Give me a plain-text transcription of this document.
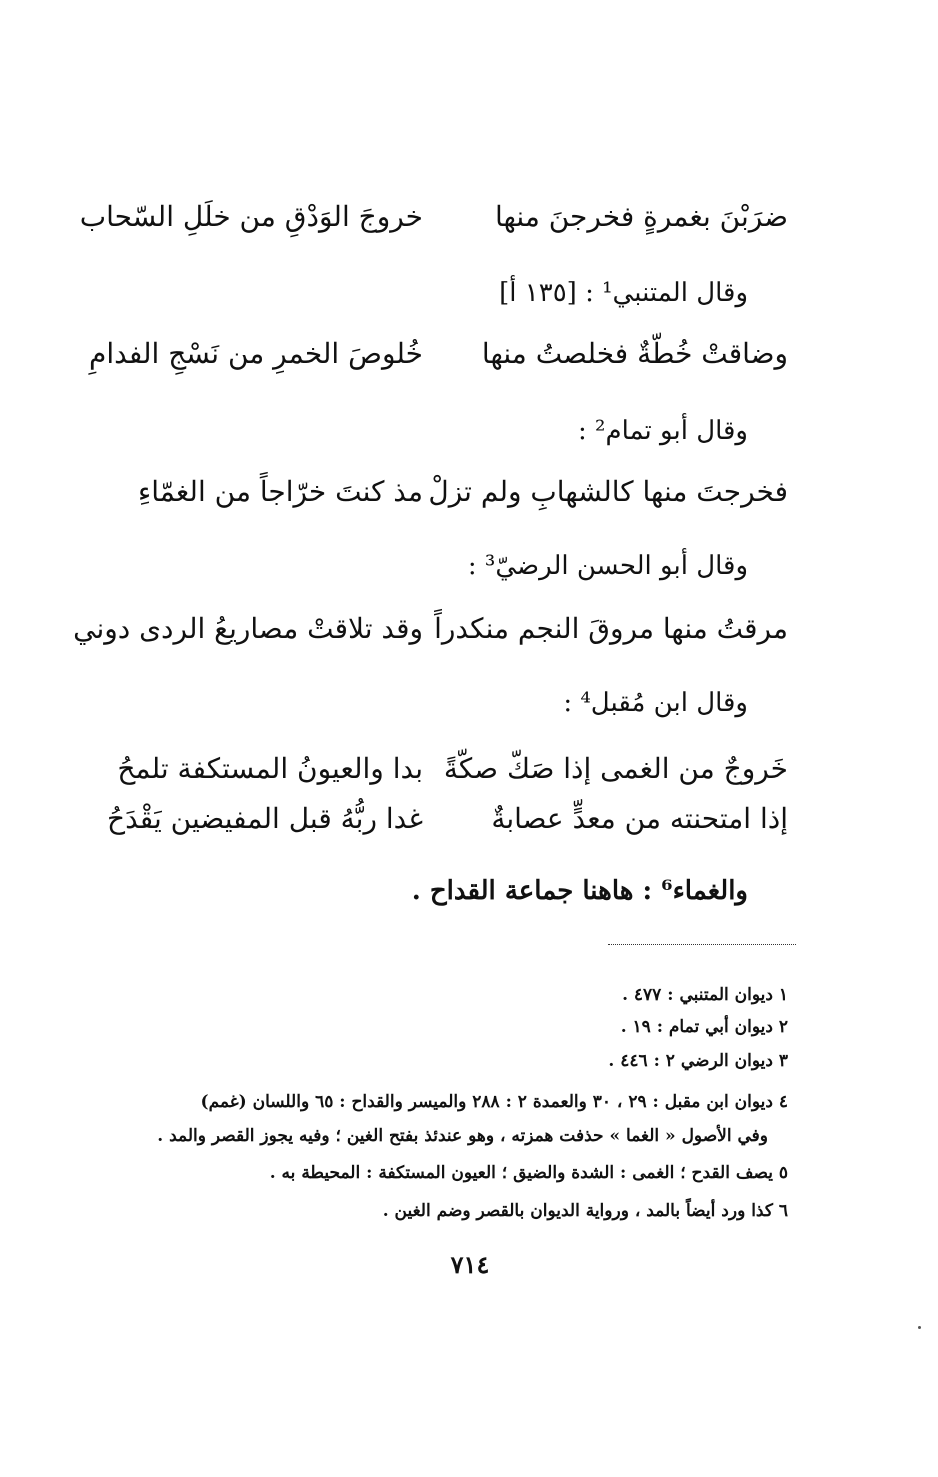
ضرَبْنَ بغمرةٍ فخرجنَ منها
خروجَ الوَدْقِ من خلَلِ السّحاب
وقال المتنبي¹ : [١٣٥ أ]
وضاقتْ خُطّةٌ فخلصتُ منها
خُلوصَ الخمرِ من نَسْجِ الفدامِ
وقال أبو تمام² :
فخرجتَ منها كالشهابِ ولم تزلْ
مذ كنتَ خرّاجاً من الغمّاءِ
وقال أبو الحسن الرضيّ³ :
مرقتُ منها مروقَ النجم منكدراً
وقد تلاقتْ مصاريعُ الردى دوني
وقال ابن مُقبل⁴ :
خَروجٌ من الغمى إذا صَكّ صكّةً
بدا والعيونُ المستكفة تلمحُ
إذا امتحنته من معدٍّ عصابةٌ
غدا ربُّهُ قبل المفيضين يَقْدَحُ
والغماء⁶ : هاهنا جماعة القداح .
١ ديوان المتنبي : ٤٧٧ .
٢ ديوان أبي تمام : ١٩ .
٣ ديوان الرضي ٢ : ٤٤٦ .
٤ ديوان ابن مقبل : ٢٩ ، ٣٠ والعمدة ٢ : ٢٨٨ والميسر والقداح : ٦٥ واللسان (غمم)
وفي الأصول « الغما » حذفت همزته ، وهو عندئذ بفتح الغين ؛ وفيه يجوز القصر والمد .
٥ يصف القدح ؛ الغمى : الشدة والضيق ؛ العيون المستكفة : المحيطة به .
٦ كذا ورد أيضاً بالمد ، ورواية الديوان بالقصر وضم الغين .
٧١٤
